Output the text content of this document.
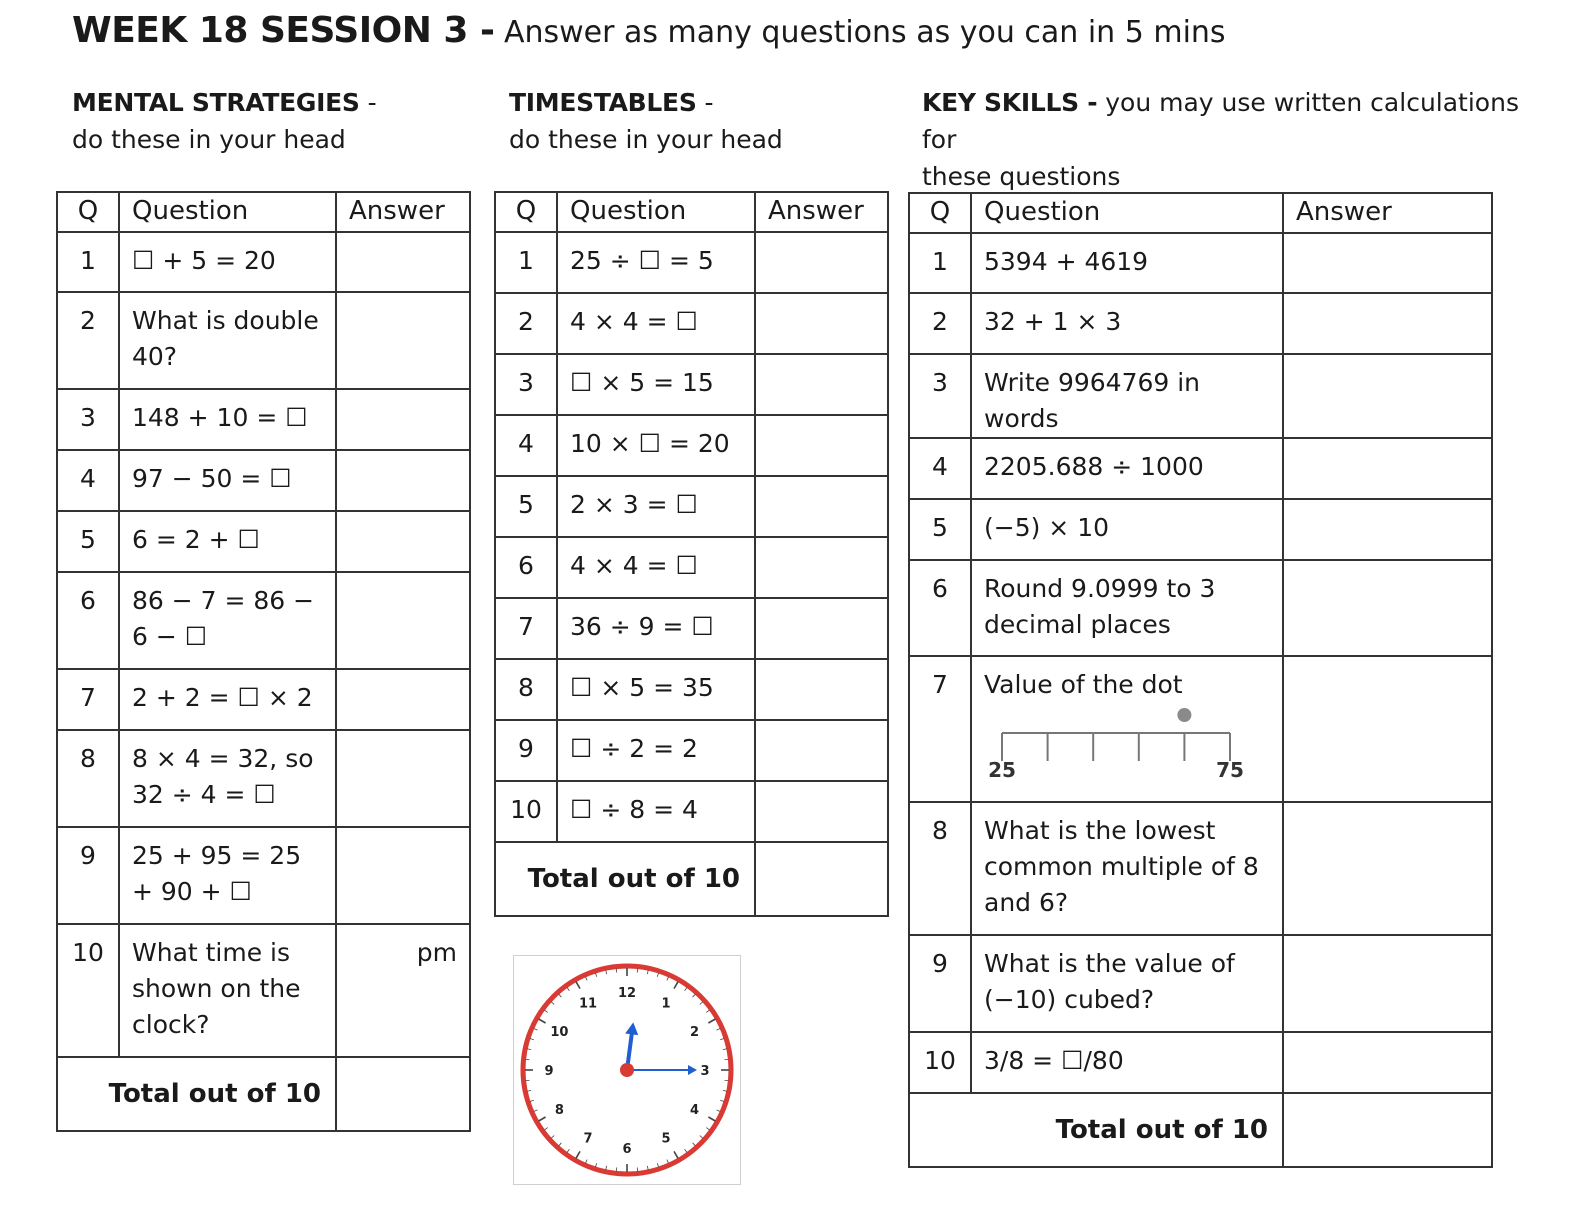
WEEK 18 SESSION 3 - Answer as many questions as you can in 5 mins
MENTAL STRATEGIES -
do these in your head
TIMESTABLES -
do these in your head
KEY SKILLS - you may use written calculations for
these questions
Q	Question	Answer
1	☐ + 5 = 20	
2	What is double 40?	
3	148 + 10 = ☐	
4	97 − 50 = ☐	
5	6 = 2 + ☐	
6	86 − 7 = 86 − 6 − ☐	
7	2 + 2 = ☐ × 2	
8	8 × 4 = 32, so 32 ÷ 4 = ☐	
9	25 + 95 = 25 + 90 + ☐	
10	What time is shown on the clock?	pm
Total out of 10		
Q	Question	Answer
1	25 ÷ ☐ = 5	
2	4 × 4 = ☐	
3	☐ × 5 = 15	
4	10 × ☐ = 20	
5	2 × 3 = ☐	
6	4 × 4 = ☐	
7	36 ÷ 9 = ☐	
8	☐ × 5 = 35	
9	☐ ÷ 2 = 2	
10	☐ ÷ 8 = 4	
Total out of 10		
Q	Question	Answer
1	5394 + 4619	
2	32 + 1 × 3	
3	Write 9964769 in words	
4	2205.688 ÷ 1000	
5	(−5) × 10	
6	Round 9.0999 to 3 decimal places	
7	Value of the dot
25 75	

8	What is the lowest common multiple of 8 and 6?	
9	What is the value of (−10) cubed?	
10	3/8 = ☐/80	
Total out of 10		
12
1
2
3
4
5
6
7
8
9
10
11
